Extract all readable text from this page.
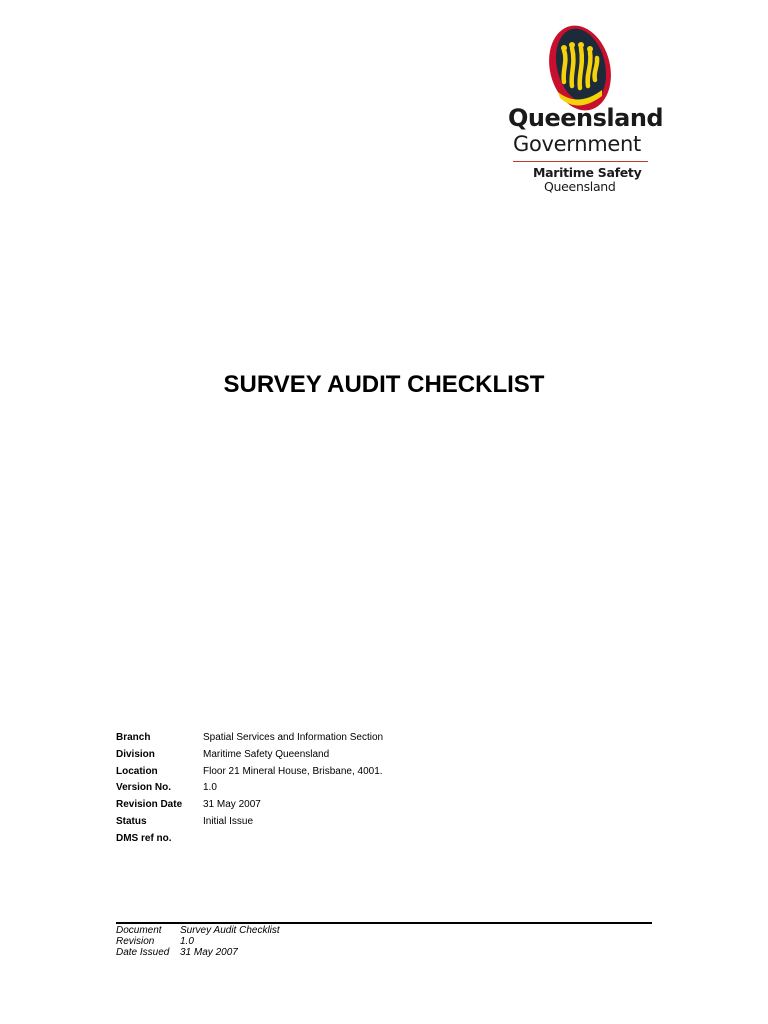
Queensland
Government
Maritime Safety
Queensland
SURVEY AUDIT CHECKLIST
Branch	Spatial Services and Information Section
Division	Maritime Safety Queensland
Location	Floor 21 Mineral House, Brisbane, 4001.
Version No.	1.0
Revision Date	31 May 2007
Status	Initial Issue
DMS ref no.	
Document	Survey Audit Checklist
Revision	1.0
Date Issued	31 May 2007
